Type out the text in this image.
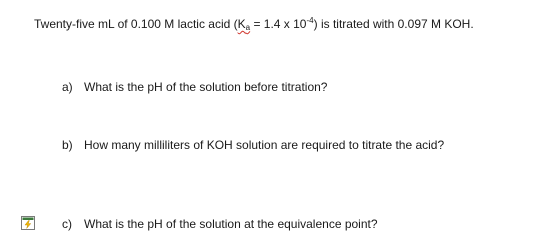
Twenty-five mL of 0.100 M lactic acid ($K_a = 1.4$ x $10^{-4}$) is titrated with 0.097 M KOH.
a) What is the pH of the solution before titration?
b) How many milliliters of KOH solution are required to titrate the acid?
c) What is the pH of the solution at the equivalence point?
